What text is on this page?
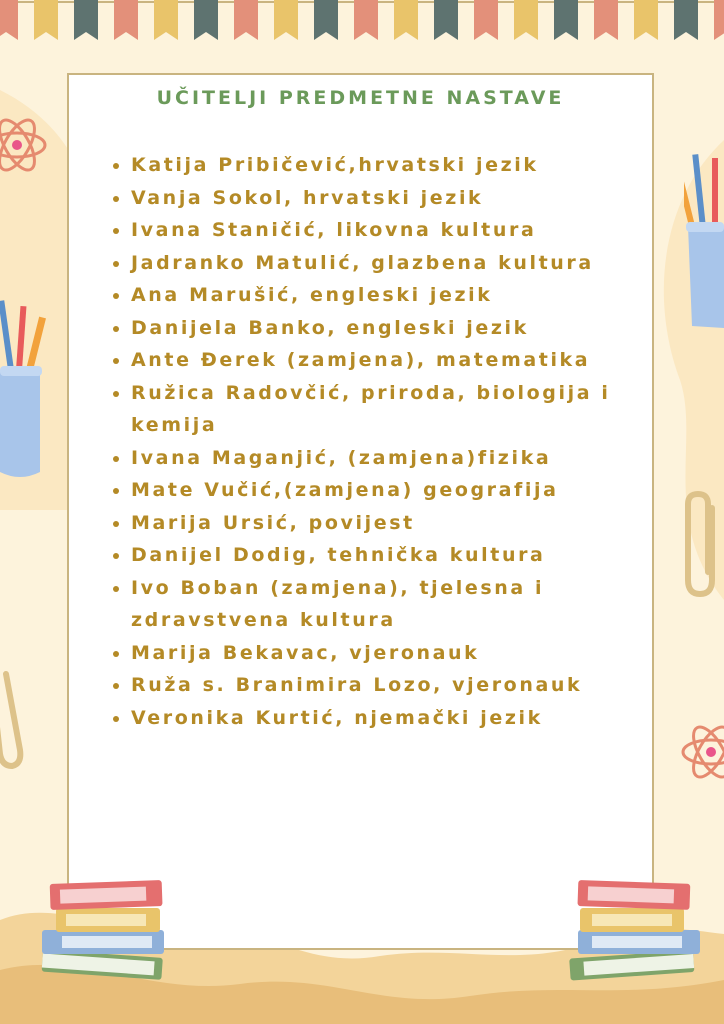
UČITELJI PREDMETNE NASTAVE
Katija Pribičević,hrvatski jezik
Vanja Sokol, hrvatski jezik
Ivana Staničić, likovna kultura
Jadranko Matulić, glazbena kultura
Ana Marušić, engleski jezik
Danijela Banko, engleski jezik
Ante Đerek (zamjena), matematika
Ružica Radovčić, priroda, biologija i kemija
Ivana Maganjić, (zamjena)fizika
Mate Vučić,(zamjena) geografija
Marija Ursić, povijest
Danijel Dodig, tehnička kultura
Ivo Boban (zamjena), tjelesna i zdravstvena kultura
Marija Bekavac, vjeronauk
Ruža s. Branimira Lozo, vjeronauk
Veronika Kurtić, njemački jezik
